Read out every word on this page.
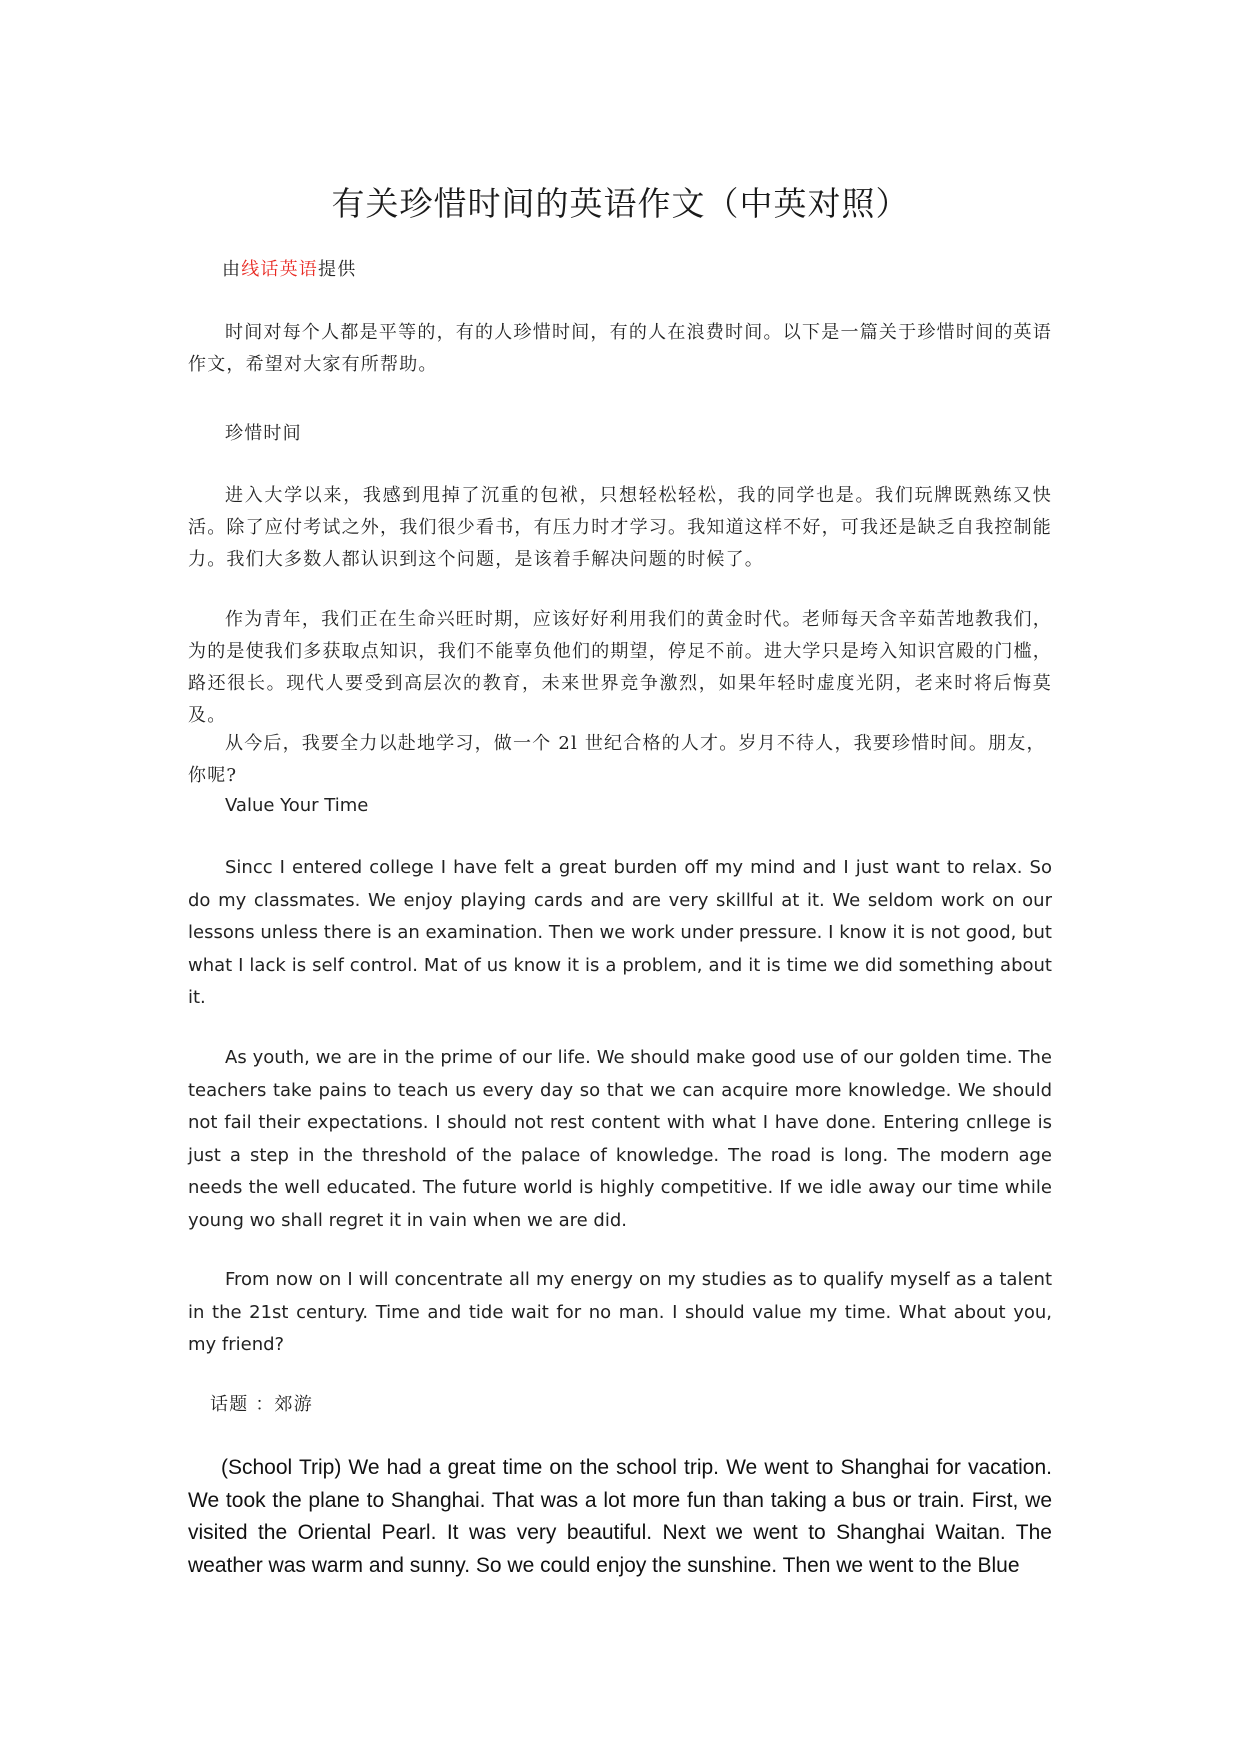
有关珍惜时间的英语作文（中英对照）
由线话英语提供
时间对每个人都是平等的，有的人珍惜时间，有的人在浪费时间。以下是一篇关于珍惜时间的英语作文，希望对大家有所帮助。
珍惜时间
进入大学以来，我感到甩掉了沉重的包袱，只想轻松轻松，我的同学也是。我们玩牌既熟练又快活。除了应付考试之外，我们很少看书，有压力时才学习。我知道这样不好，可我还是缺乏自我控制能力。我们大多数人都认识到这个问题，是该着手解决问题的时候了。
作为青年，我们正在生命兴旺时期，应该好好利用我们的黄金时代。老师每天含辛茹苦地教我们，为的是使我们多获取点知识，我们不能辜负他们的期望，停足不前。进大学只是垮入知识宫殿的门槛，路还很长。现代人要受到高层次的教育，未来世界竞争激烈，如果年轻时虚度光阴，老来时将后悔莫及。
从今后，我要全力以赴地学习，做一个 2l 世纪合格的人才。岁月不待人，我要珍惜时间。朋友，你呢?
Value Your Time
Sincc I entered college I have felt a great burden off my mind and I just want to relax. So do my classmates. We enjoy playing cards and are very skillful at it. We seldom work on our lessons unless there is an examination. Then we work under pressure. I know it is not good, but what I lack is self control. Mat of us know it is a problem, and it is time we did something about it.
As youth, we are in the prime of our life. We should make good use of our golden time. The teachers take pains to teach us every day so that we can acquire more knowledge. We should not fail their expectations. I should not rest content with what I have done. Entering cnllege is just a step in the threshold of the palace of knowledge. The road is long. The modern age needs the well educated. The future world is highly competitive. If we idle away our time while young wo shall regret it in vain when we are did.
From now on I will concentrate all my energy on my studies as to qualify myself as a talent in the 21st century. Time and tide wait for no man. I should value my time. What about you, my friend?
话题 ：郊游
(School Trip) We had a great time on the school trip. We went to Shanghai for vacation. We took the plane to Shanghai. That was a lot more fun than taking a bus or train. First, we visited the Oriental Pearl. It was very beautiful. Next we went to Shanghai Waitan. The weather was warm and sunny. So we could enjoy the sunshine. Then we went to the Blue
